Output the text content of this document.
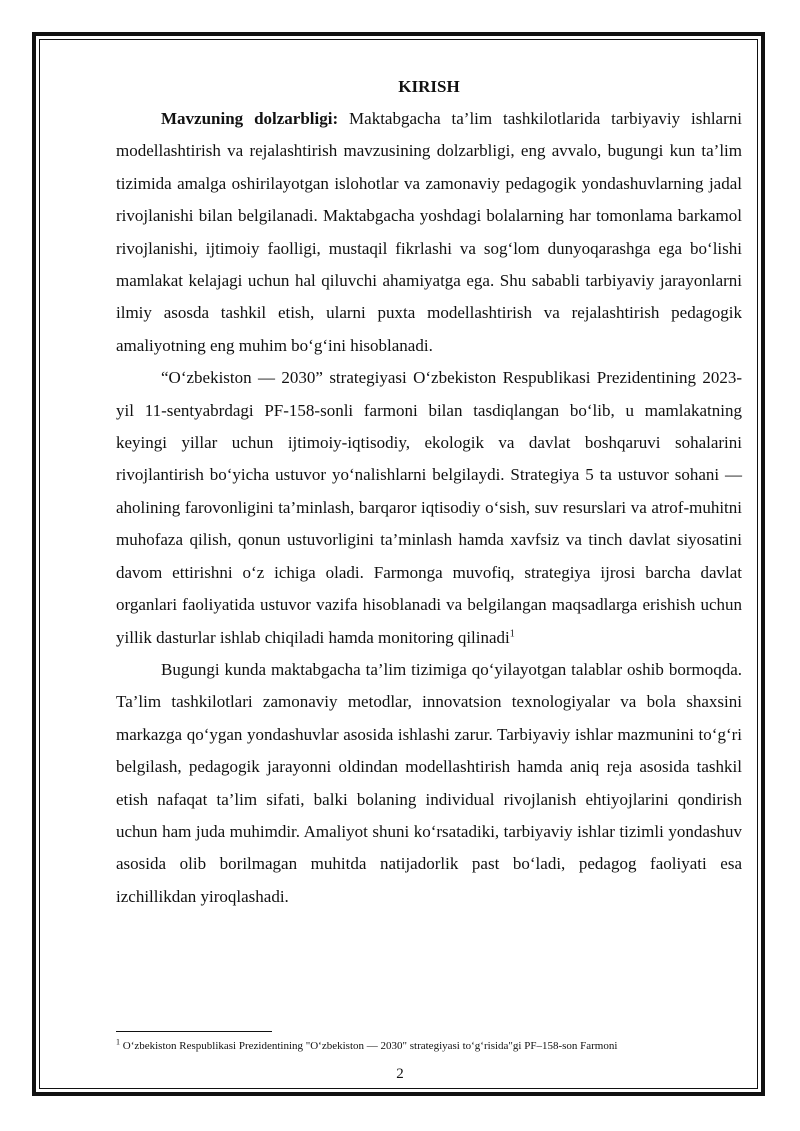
KIRISH

Mavzuning dolzarbligi: Maktabgacha ta’lim tashkilotlarida tarbiyaviy ishlarni modellashtirish va rejalashtirish mavzusining dolzarbligi, eng avvalo, bugungi kun ta’lim tizimida amalga oshirilayotgan islohotlar va zamonaviy pedagogik yondashuvlarning jadal rivojlanishi bilan belgilanadi. Maktabgacha yoshdagi bolalarning har tomonlama barkamol rivojlanishi, ijtimoiy faolligi, mustaqil fikrlashi va sog‘lom dunyoqarashga ega bo‘lishi mamlakat kelajagi uchun hal qiluvchi ahamiyatga ega. Shu sababli tarbiyaviy jarayonlarni ilmiy asosda tashkil etish, ularni puxta modellashtirish va rejalashtirish pedagogik amaliyotning eng muhim bo‘g‘ini hisoblanadi.

“O‘zbekiston — 2030” strategiyasi O‘zbekiston Respublikasi Prezidentining 2023-yil 11-sentyabrdagi PF-158-sonli farmoni bilan tasdiqlangan bo‘lib, u mamlakatning keyingi yillar uchun ijtimoiy-iqtisodiy, ekologik va davlat boshqaruvi sohalarini rivojlantirish bo‘yicha ustuvor yo‘nalishlarni belgilaydi. Strategiya 5 ta ustuvor sohani — aholining farovonligini ta’minlash, barqaror iqtisodiy o‘sish, suv resurslari va atrof-muhitni muhofaza qilish, qonun ustuvorligini ta’minlash hamda xavfsiz va tinch davlat siyosatini davom ettirishni o‘z ichiga oladi. Farmonga muvofiq, strategiya ijrosi barcha davlat organlari faoliyatida ustuvor vazifa hisoblanadi va belgilangan maqsadlarga erishish uchun yillik dasturlar ishlab chiqiladi hamda monitoring qilinadi$^1$

Bugungi kunda maktabgacha ta’lim tizimiga qo‘yilayotgan talablar oshib bormoqda. Ta’lim tashkilotlari zamonaviy metodlar, innovatsion texnologiyalar va bola shaxsini markazga qo‘ygan yondashuvlar asosida ishlashi zarur. Tarbiyaviy ishlar mazmunini to‘g‘ri belgilash, pedagogik jarayonni oldindan modellashtirish hamda aniq reja asosida tashkil etish nafaqat ta’lim sifati, balki bolaning individual rivojlanish ehtiyojlarini qondirish uchun ham juda muhimdir. Amaliyot shuni ko‘rsatadiki, tarbiyaviy ishlar tizimli yondashuv asosida olib borilmagan muhitda natijadorlik past bo‘ladi, pedagog faoliyati esa izchillikdan yiroqlashadi.

$^1$ O‘zbekiston Respublikasi Prezidentining "O‘zbekiston — 2030" strategiyasi to‘g‘risida"gi PF–158-son Farmoni
2
